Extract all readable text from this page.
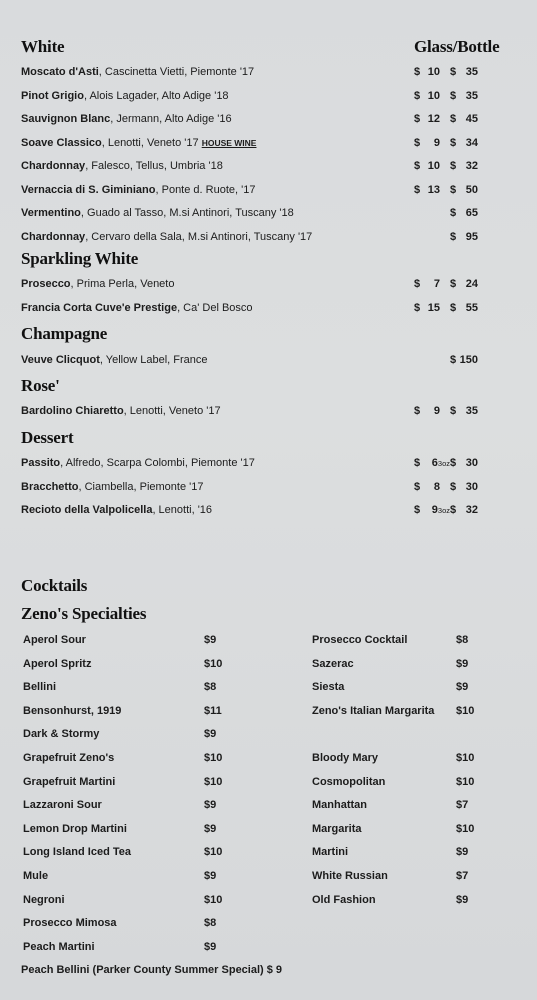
White	Glass/Bottle
Moscato d'Asti, Cascinetta Vietti, Piemonte '17	$ 10 $ 35
Pinot Grigio, Alois Lagader, Alto Adige '18	$ 10 $ 35
Sauvignon Blanc, Jermann, Alto Adige '16	$ 12 $ 45
Soave Classico, Lenotti, Veneto '17 HOUSE WINE	$	9 $ 34
Chardonnay, Falesco, Tellus, Umbria '18	$ 10 $ 32
Vernaccia di S. Giminiano, Ponte d. Ruote, '17	$ 13 $ 50
Vermentino, Guado al Tasso, M.si Antinori, Tuscany '18	$ 65
Chardonnay, Cervaro della Sala, M.si Antinori, Tuscany '17	$ 95
Sparkling White
Prosecco, Prima Perla, Veneto	$	7 $ 24
Francia Corta Cuve'e Prestige, Ca' Del Bosco	$ 15 $ 55
Champagne
Veuve Clicquot, Yellow Label, France	$ 150
Rose'
Bardolino Chiaretto, Lenotti, Veneto '17	$	9 $ 35
Dessert
Passito, Alfredo, Scarpa Colombi, Piemonte '17	$	63oz $ 30
Bracchetto, Ciambella, Piemonte '17	$	8 $ 30
Recioto della Valpolicella, Lenotti, '16	$	93oz $ 32
Cocktails
Zeno's Specialties
Aperol Sour	$9
Aperol Spritz	$10
Bellini	$8
Bensonhurst, 1919	$11
Dark & Stormy	$9
Grapefruit Zeno's	$10
Grapefruit Martini	$10
Lazzaroni Sour	$9
Lemon Drop Martini	$9
Long Island Iced Tea	$10
Mule	$9
Negroni	$10
Prosecco Mimosa	$8
Peach Martini	$9
Prosecco Cocktail	$8
Sazerac	$9
Siesta	$9
Zeno's Italian Margarita $10
Bloody Mary	$10
Cosmopolitan	$10
Manhattan	$7
Margarita	$10
Martini	$9
White Russian	$7
Old Fashion	$9
Peach Bellini (Parker County Summer Special) $ 9
